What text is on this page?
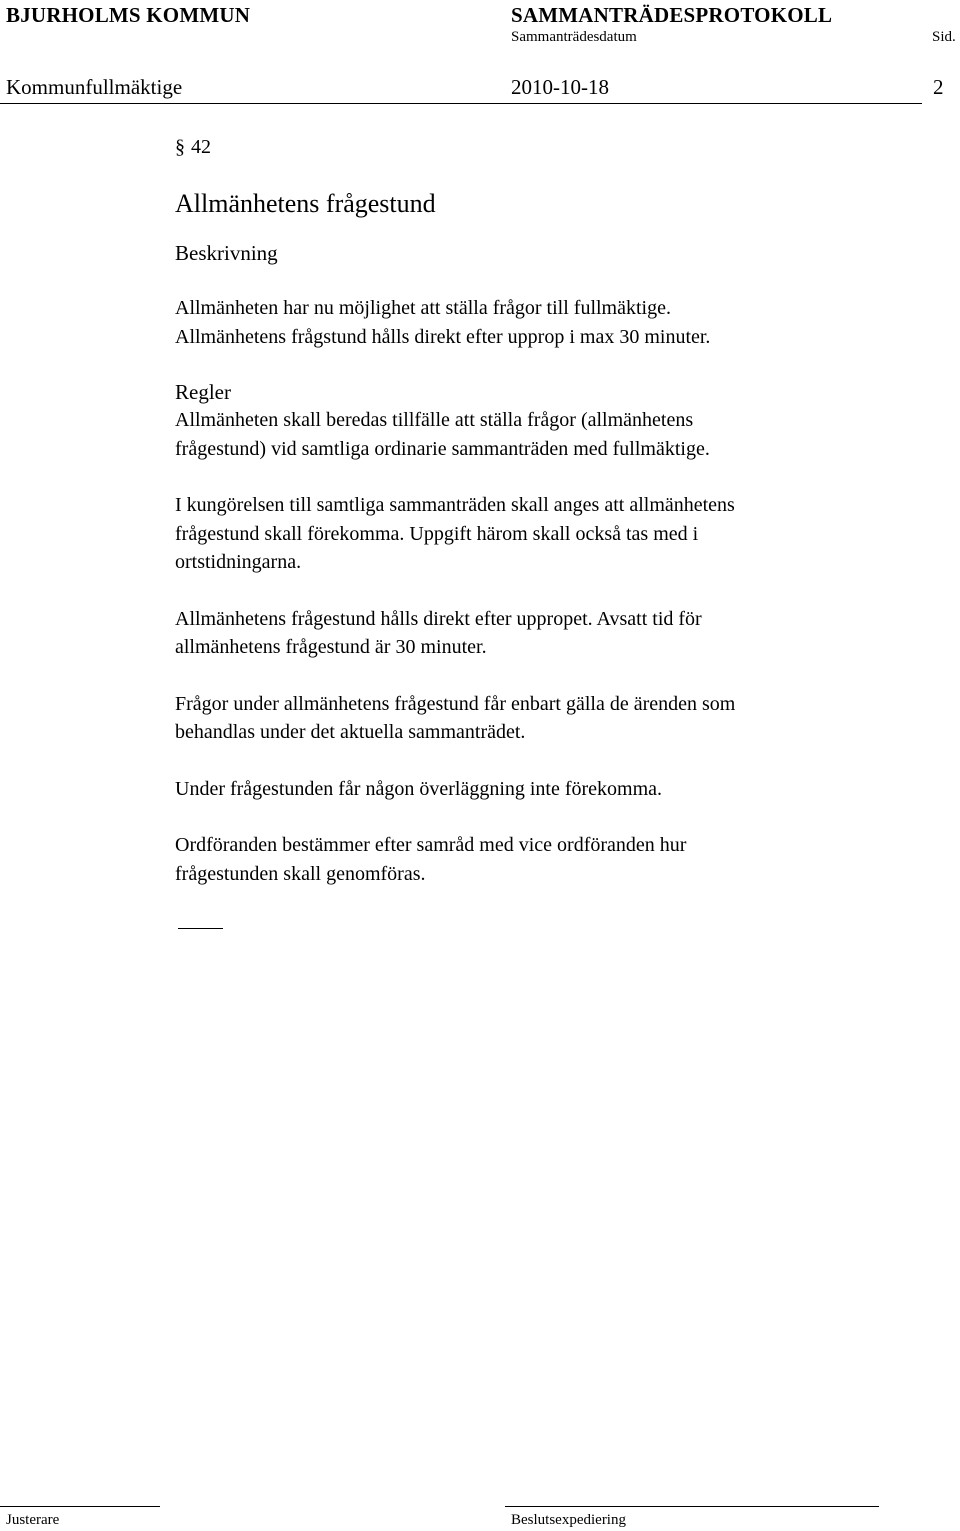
BJURHOLMS KOMMUN	SAMMANTRÄDESPROTOKOLL
Sammanträdesdatum	Sid.
Kommunfullmäktige	2010-10-18	2
§ 42
Allmänhetens frågestund
Beskrivning

Allmänheten har nu möjlighet att ställa frågor till fullmäktige.
Allmänhetens frågstund hålls direkt efter upprop i max 30 minuter.

Regler

Allmänheten skall beredas tillfälle att ställa frågor (allmänhetens
frågestund) vid samtliga ordinarie sammanträden med fullmäktige.

I kungörelsen till samtliga sammanträden skall anges att allmänhetens
frågestund skall förekomma. Uppgift härom skall också tas med i
ortstidningarna.

Allmänhetens frågestund hålls direkt efter uppropet. Avsatt tid för
allmänhetens frågestund är 30 minuter.

Frågor under allmänhetens frågestund får enbart gälla de ärenden som
behandlas under det aktuella sammanträdet.

Under frågestunden får någon överläggning inte förekomma.

Ordföranden bestämmer efter samråd med vice ordföranden hur
frågestunden skall genomföras.

Justerare	Beslutsexpediering
